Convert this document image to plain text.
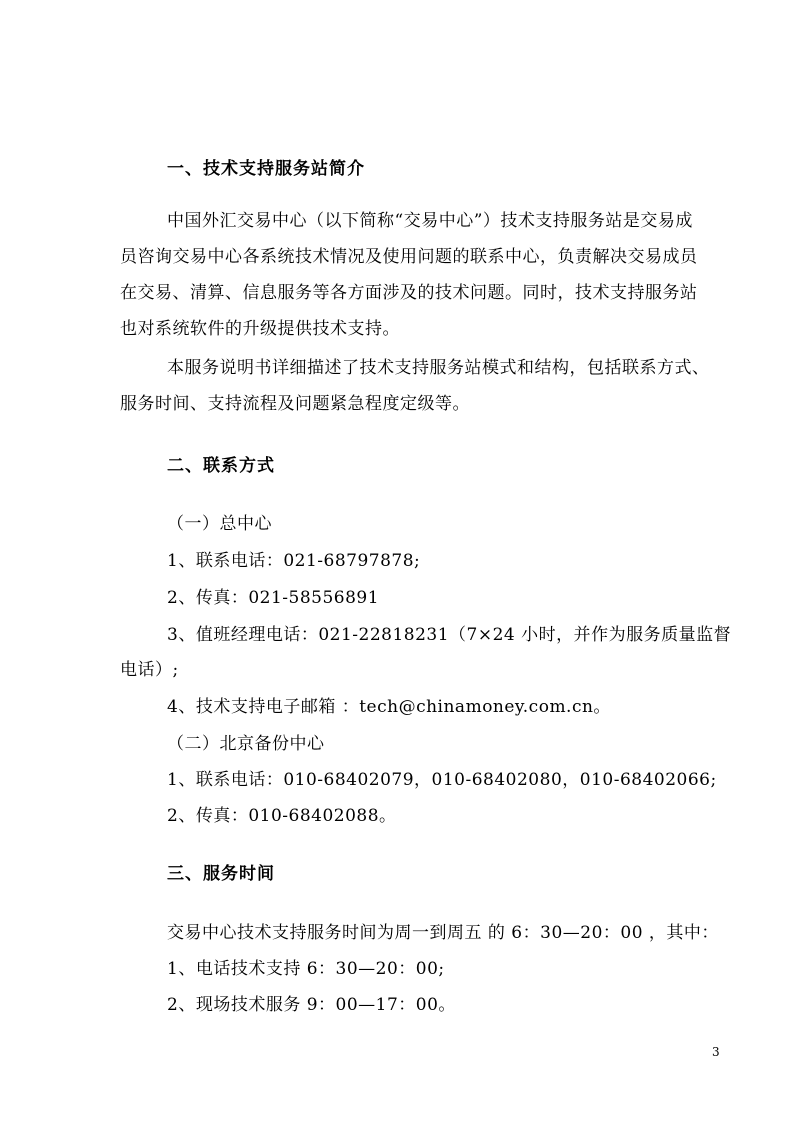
一、技术支持服务站简介
中国外汇交易中心（以下简称“交易中心”）技术支持服务站是交易成
员咨询交易中心各系统技术情况及使用问题的联系中心，负责解决交易成员
在交易、清算、信息服务等各方面涉及的技术问题。同时，技术支持服务站
也对系统软件的升级提供技术支持。
本服务说明书详细描述了技术支持服务站模式和结构，包括联系方式、
服务时间、支持流程及问题紧急程度定级等。
二、联系方式
（一）总中心
1、联系电话：021-68797878;
2、传真：021-58556891
3、值班经理电话：021-22818231（7×24 小时，并作为服务质量监督
电话）;
4、技术支持电子邮箱 ：tech@chinamoney.com.cn。
（二）北京备份中心
1、联系电话：010-68402079，010-68402080，010-68402066;
2、传真：010-68402088。
三、服务时间
交易中心技术支持服务时间为周一到周五 的 6：30—20：00 ，其中：
1、电话技术支持 6：30—20：00;
2、现场技术服务 9：00—17：00。
3
